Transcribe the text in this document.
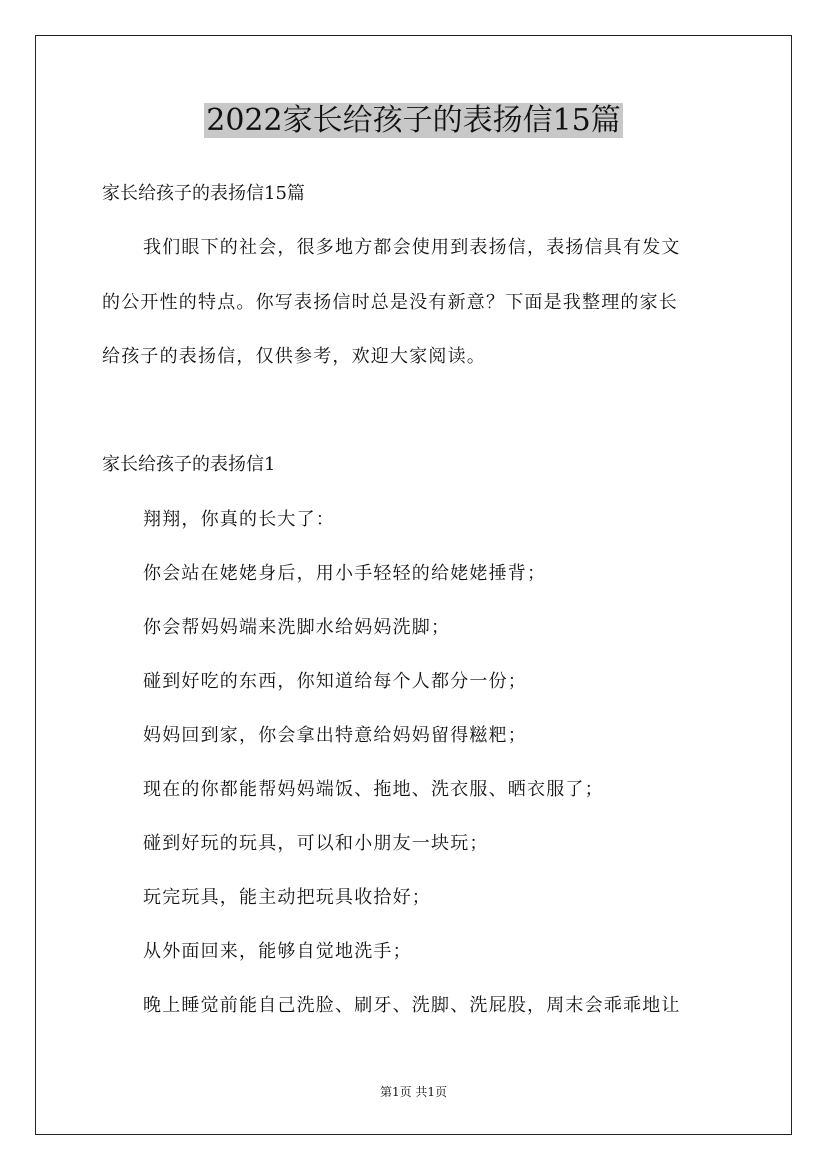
2022家长给孩子的表扬信15篇
家长给孩子的表扬信15篇
我们眼下的社会，很多地方都会使用到表扬信，表扬信具有发文
的公开性的特点。你写表扬信时总是没有新意？下面是我整理的家长
给孩子的表扬信，仅供参考，欢迎大家阅读。
家长给孩子的表扬信1
翔翔，你真的长大了：
你会站在姥姥身后，用小手轻轻的给姥姥捶背；
你会帮妈妈端来洗脚水给妈妈洗脚；
碰到好吃的东西，你知道给每个人都分一份；
妈妈回到家，你会拿出特意给妈妈留得糍粑；
现在的你都能帮妈妈端饭、拖地、洗衣服、晒衣服了；
碰到好玩的玩具，可以和小朋友一块玩；
玩完玩具，能主动把玩具收拾好；
从外面回来，能够自觉地洗手；
晚上睡觉前能自己洗脸、刷牙、洗脚、洗屁股，周末会乖乖地让
第1页 共1页
